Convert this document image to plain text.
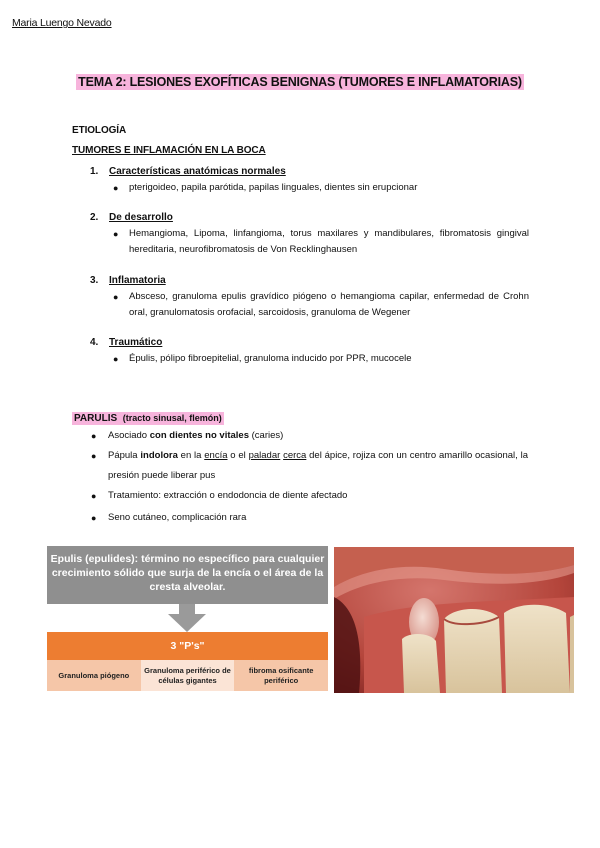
Maria Luengo Nevado
TEMA 2: LESIONES EXOFÍTICAS BENIGNAS (TUMORES E INFLAMATORIAS)
ETIOLOGÍA
TUMORES E INFLAMACIÓN EN LA BOCA
1. Características anatómicas normales
● pterigoideo, papila parótida, papilas linguales, dientes sin erupcionar
2. De desarrollo
● Hemangioma, Lipoma, linfangioma, torus maxilares y mandibulares, fibromatosis gingival hereditaria, neurofibromatosis de Von Recklinghausen
3. Inflamatoria
● Absceso, granuloma epulis gravídico piógeno o hemangioma capilar, enfermedad de Crohn oral, granulomatosis orofacial, sarcoidosis, granuloma de Wegener
4. Traumático
● Épulis, pólipo fibroepitelial, granuloma inducido por PPR, mucocele
PARULIS (tracto sinusal, flemón)
● Asociado con dientes no vitales (caries)
● Pápula indolora en la encía o el paladar cerca del ápice, rojiza con un centro amarillo ocasional, la presión puede liberar pus
● Tratamiento: extracción o endodoncia de diente afectado
● Seno cutáneo, complicación rara
Epulis (epulides): término no específico para cualquier crecimiento sólido que surja de la encía o el área de la cresta alveolar.
3 "P's"
Granuloma piógeno
Granuloma periférico de células gigantes
fibroma osificante periférico
